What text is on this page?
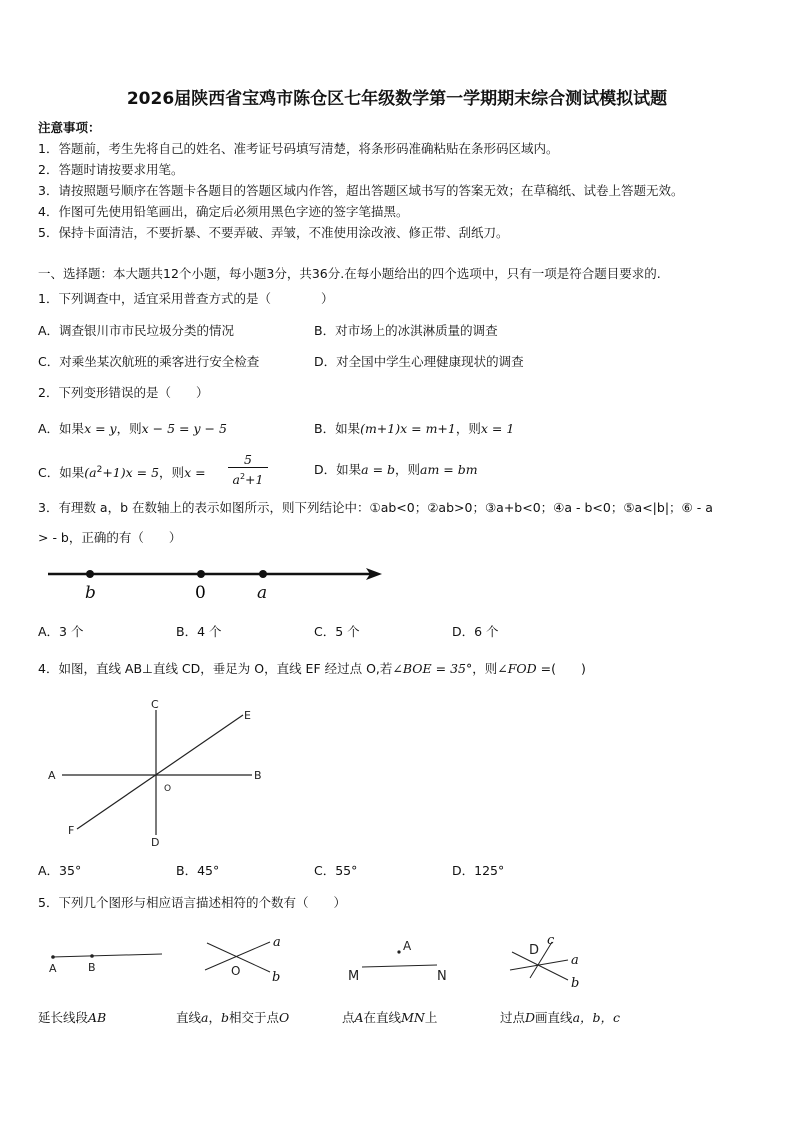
2026届陕西省宝鸡市陈仓区七年级数学第一学期期末综合测试模拟试题
注意事项：
1．答题前，考生先将自己的姓名、准考证号码填写清楚，将条形码准确粘贴在条形码区域内。
2．答题时请按要求用笔。
3．请按照题号顺序在答题卡各题目的答题区域内作答，超出答题区域书写的答案无效；在草稿纸、试卷上答题无效。
4．作图可先使用铅笔画出，确定后必须用黑色字迹的签字笔描黑。
5．保持卡面清洁，不要折暴、不要弄破、弄皱，不准使用涂改液、修正带、刮纸刀。
一、选择题：本大题共12个小题，每小题3分，共36分.在每小题给出的四个选项中，只有一项是符合题目要求的.
1．下列调查中，适宜采用普查方式的是（　　　　）
A．调查银川市市民垃圾分类的情况	B．对市场上的冰淇淋质量的调查
C．对乘坐某次航班的乘客进行安全检查	D．对全国中学生心理健康现状的调查
2．下列变形错误的是（　　）
A．如果x = y，则x − 5 = y − 5	B．如果(m+1)x = m+1，则x = 1
C．如果$(a^2+1)x = 5$，则x =
5
$a^2+1$
D．如果a = b，则am = bm
3．有理数 a，b 在数轴上的表示如图所示，则下列结论中：①ab<0；②ab>0；③a+b<0；④a - b<0；⑤a<|b|；⑥ - a
> - b，正确的有（　　）
b	0	a
A．3 个	B．4 个	C．5 个	D．6 个
4．如图，直线 AB⊥直线 CD，垂足为 O，直线 EF 经过点 O,若∠BOE = 35°，则∠FOD =(　　)
A	B
C
D
E
F
O
A．35°	B．45°	C．55°	D．125°
5．下列几个图形与相应语言描述相符的个数有（　　）
A	B
a
O b
A
M	N
D
c
a
b
延长线段AB	直线a，b相交于点O	点A在直线MN上	过点D画直线a，b，c
